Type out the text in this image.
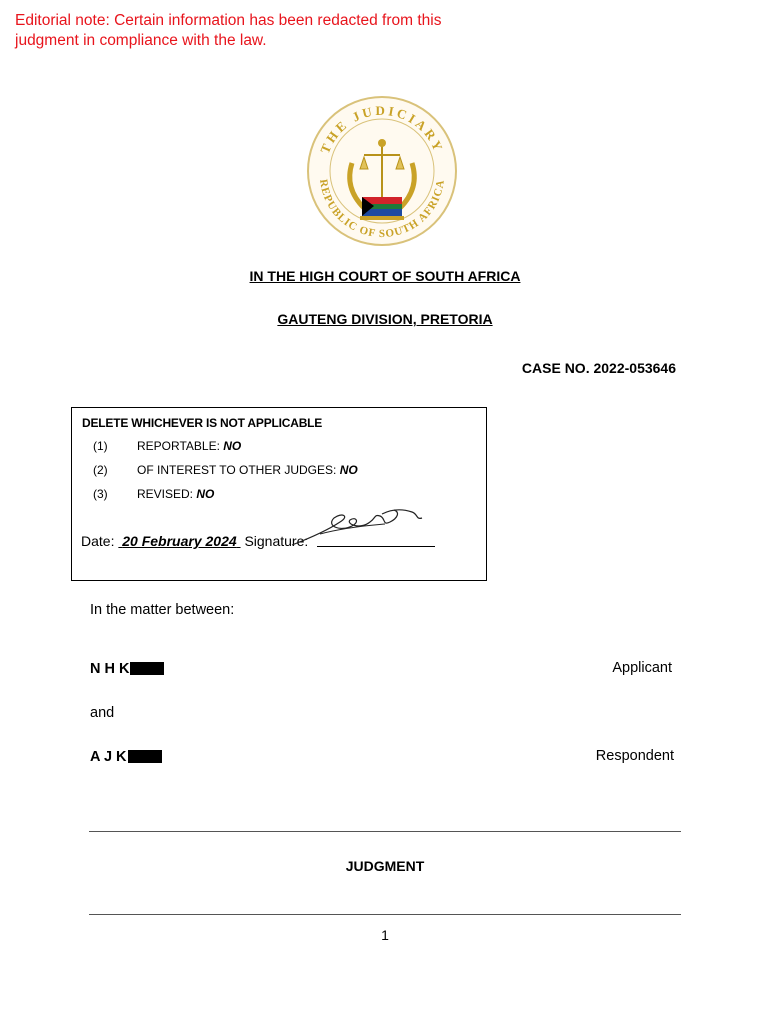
Editorial note: Certain information has been redacted from this judgment in compliance with the law.
THE JUDICIARY
REPUBLIC OF SOUTH AFRICA
IN THE HIGH COURT OF SOUTH AFRICA
GAUTENG DIVISION, PRETORIA
CASE NO. 2022-053646
DELETE WHICHEVER IS NOT APPLICABLE
(1) REPORTABLE: NO
(2) OF INTEREST TO OTHER JUDGES: NO
(3) REVISED: NO
Date: 20 February 2024 Signature:
In the matter between:
N H K	Applicant
and
A J K	Respondent
JUDGMENT
1
